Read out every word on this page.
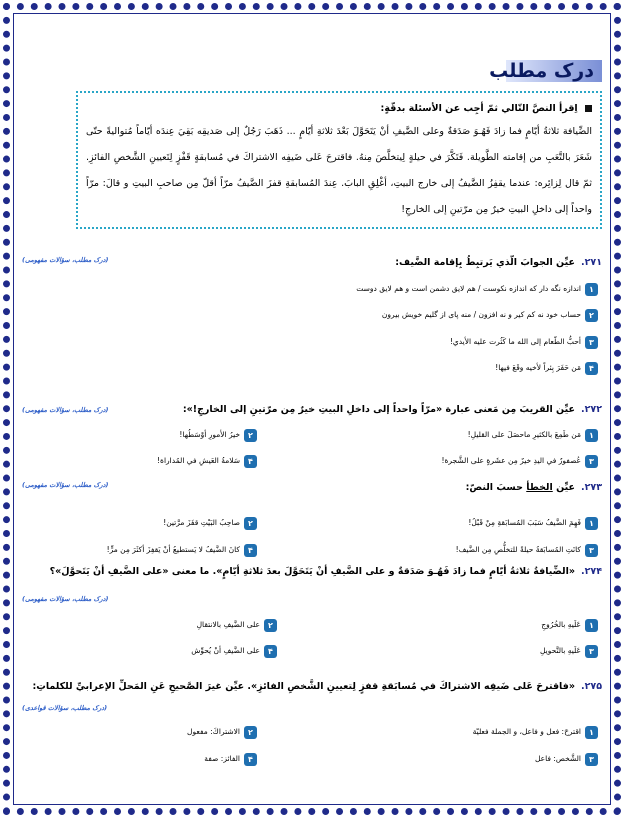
درک مطلب
اِقرأ النصَّ التّالي ثمّ أجِب عن الأسئلة بدقّةٍ:
الضِّيافة ثلاثةُ أيّامٍ فما زادَ فَهُـوَ صَدَقةٌ وعلى الضَّيفِ أنْ يَتَحَوَّلَ بَعْدَ ثلاثةِ أيّامٍ ... ذَهَبَ رَجُلٌ إلى صَديقِه بَقِيَ عِندَه أيّاماً مُتواليةً حتّى شَعَرَ بالتَّعَبِ من إقامته الطَّويلة. فَتَكَّرَ في حيلةٍ لِيتخلَّصَ مِنهُ. فاقترحَ عَلى ضَيفِه الاشتراكَ في مُسابقةٍ قَفْزٍ لِتَعيينِ الشَّخصِ الفائزِ. ثمّ قال لِزائِره: عندما يقفِزُ الضَّيفُ إلى خارج البيتِ، أغْلِقِ البابَ. عِندَ المُسابقةِ قفزَ الضَّيفُ مرّاً أقلّ مِن صاحبِ البيتِ و قالَ: مرّاً واحداً إلى داخلِ البيتِ خيرٌ مِن مرّتينِ إلى الخارجِ!
۲۷۱.عيِّن الجوابَ الّذي يَرتبِطُ بِإقامة الضَّيف:
(درک مطلب، سؤالات مفهومی)
۱اندازه نگه دار که اندازه نکوست / هم لایق دشمن است و هم لایق دوست
۲حساب خود نه کم کیر و نه افزون / منه پای از گلیم خویش بیرون
۳أحبُّ الطّعام إلى الله ما كَثُرت عليه الأيدي!
۴مَن حَفَرَ بِئراً لأخيه وقَعَ فيها!
۲۷۲.عيِّن القريبَ مِن مَعنى عبارة «مرّاً واحداً إلى داخلِ البيتِ خيرٌ مِن مرّتينِ إلى الخارجِ!»:
(درک مطلب، سؤالات مفهومی)
۱مَن طَمِعَ بالكثيرِ ماحصَلَ على القليلِ!
۲خيرُ الأمورِ أوْسَطُها!
۳عُصفورٌ في اليدِ خيرٌ مِن عشَرةٍ على الشَّجرة!
۴سَلامةُ العَيشِ في المُداراة!
۲۷۳.عيِّن الخطأ حسبَ النصّ:
(درک مطلب، سؤالات مفهومی)
۱فَهِمَ الضَّيفُ سَبَبَ المُسابَقةِ مِنْ قَبْلُ!
۲صاحِبُ البَيْتِ قفَزَ مرَّتين!
۳كانَتِ المُسابَقةُ حيلةً للتخلُّصِ مِن الضَّيف!
۴كانَ الضَّيفُ لا يَستطيعُ أنْ يَقفِزَ أكثَرَ مِن مرٍّ!
۲۷۴.«الضِّيافةُ ثلاثةُ أيّامٍ فما زادَ فَهُـوَ صَدَقةٌ و على الضَّيفِ أنْ يَتَحَوَّلَ بعدَ ثلاثةِ أيّامٍ». ما معنى «على الضَّيفِ أنْ يَتَحوَّلَ»؟
(درک مطلب، سؤالات مفهومی)
۱عَلَيهِ بالخُرُوجِ
۲على الضَّيفِ بالانتقالِ
۳عَلَيهِ بالتَّحويلِ
۴على الضَّيفِ أنْ يُحوِّش
۲۷۵.«فاقترحَ عَلى ضَيفِه الاشتراكَ في مُسابَقةِ قفزٍ لِتعيينِ الشَّخصِ الفائزِ». عيِّن غيرَ الصَّحيحِ عَنِ المَحلِّ الإعرابيِّ للكلماتِ:
(درک مطلب، سؤالات قواعدی)
۱اقترحَ: فعل و فاعل، و الجملة فعليّة
۲الاشتراكَ: مفعول
۳الشَّخص: فاعل
۴الفائز: صفة
